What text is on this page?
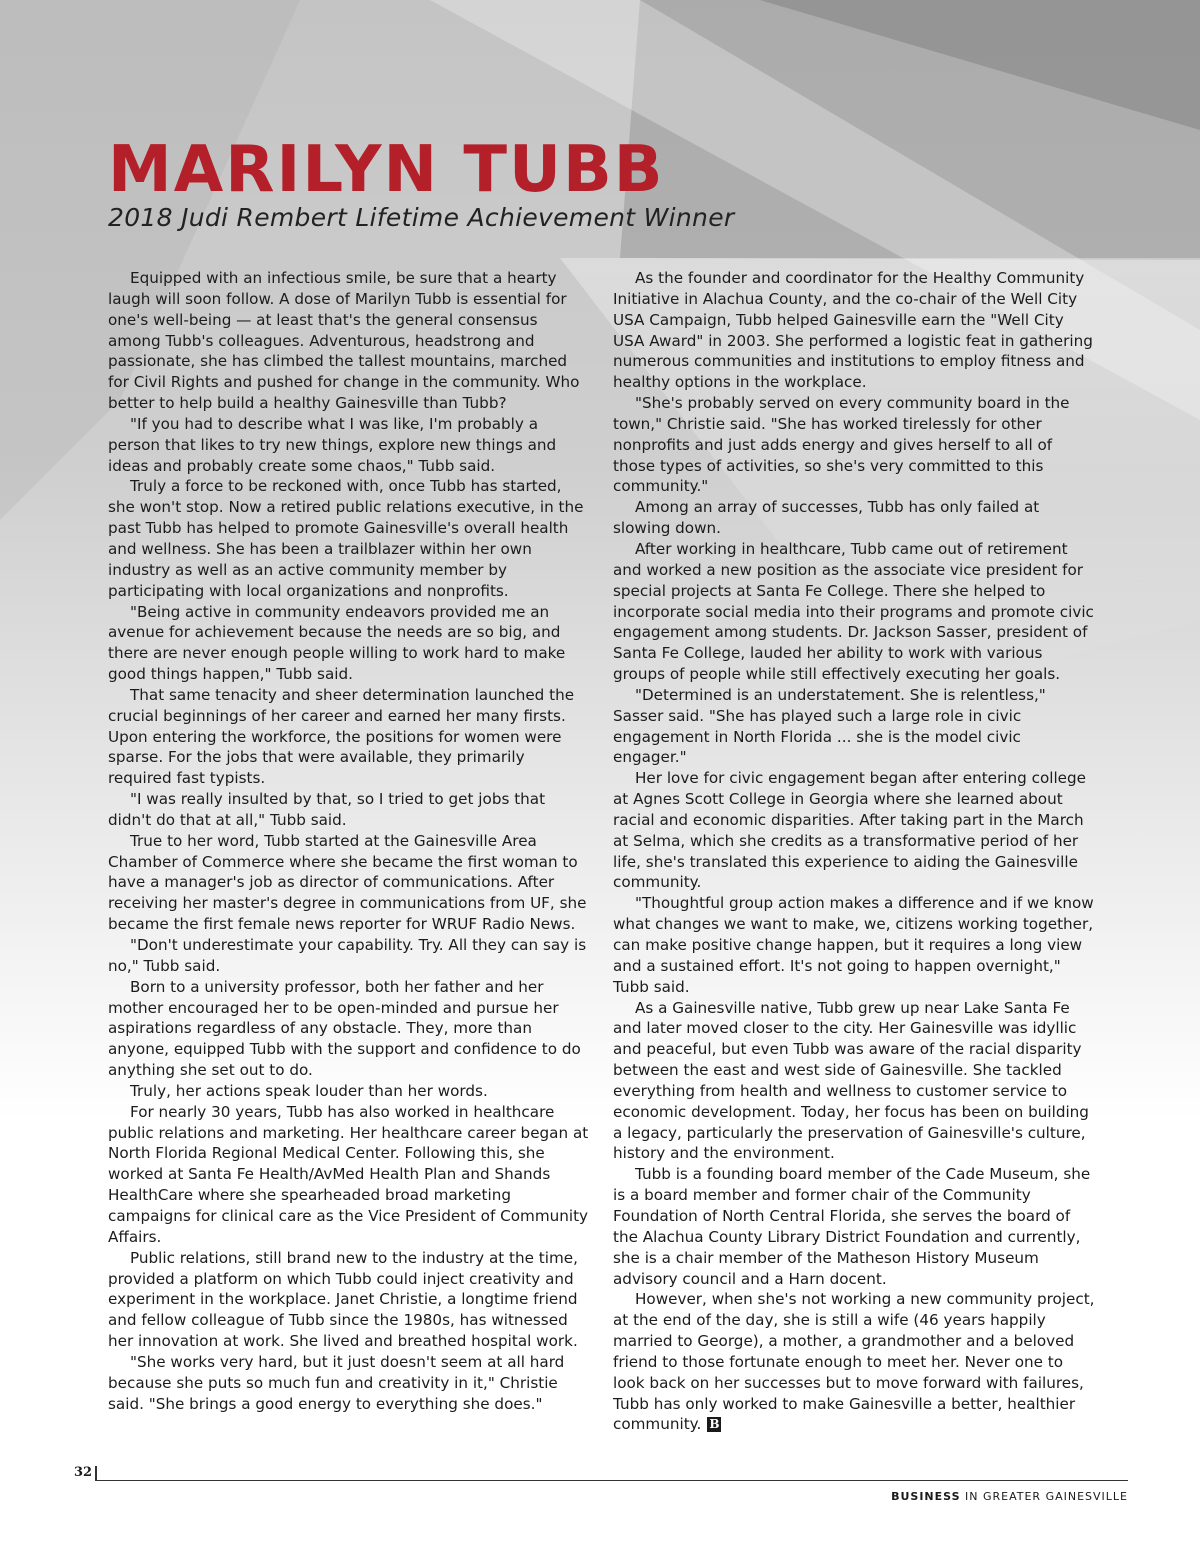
MARILYN TUBB
2018 Judi Rembert Lifetime Achievement Winner

Equipped with an infectious smile, be sure that a hearty laugh will soon follow. A dose of Marilyn Tubb is essential for one's well-being — at least that's the general consensus among Tubb's colleagues. Adventurous, headstrong and passionate, she has climbed the tallest mountains, marched for Civil Rights and pushed for change in the community. Who better to help build a healthy Gainesville than Tubb?

"If you had to describe what I was like, I'm probably a person that likes to try new things, explore new things and ideas and probably create some chaos," Tubb said.

Truly a force to be reckoned with, once Tubb has started, she won't stop. Now a retired public relations executive, in the past Tubb has helped to promote Gainesville's overall health and wellness. She has been a trailblazer within her own industry as well as an active community member by participating with local organizations and nonprofits.

"Being active in community endeavors provided me an avenue for achievement because the needs are so big, and there are never enough people willing to work hard to make good things happen," Tubb said.

That same tenacity and sheer determination launched the crucial beginnings of her career and earned her many firsts. Upon entering the workforce, the positions for women were sparse. For the jobs that were available, they primarily required fast typists.

"I was really insulted by that, so I tried to get jobs that didn't do that at all," Tubb said.

True to her word, Tubb started at the Gainesville Area Chamber of Commerce where she became the first woman to have a manager's job as director of communications. After receiving her master's degree in communications from UF, she became the first female news reporter for WRUF Radio News.

"Don't underestimate your capability. Try. All they can say is no," Tubb said.

Born to a university professor, both her father and her mother encouraged her to be open-minded and pursue her aspirations regardless of any obstacle. They, more than anyone, equipped Tubb with the support and confidence to do anything she set out to do.

Truly, her actions speak louder than her words.

For nearly 30 years, Tubb has also worked in healthcare public relations and marketing. Her healthcare career began at North Florida Regional Medical Center. Following this, she worked at Santa Fe Health/AvMed Health Plan and Shands HealthCare where she spearheaded broad marketing campaigns for clinical care as the Vice President of Community Affairs.

Public relations, still brand new to the industry at the time, provided a platform on which Tubb could inject creativity and experiment in the workplace. Janet Christie, a longtime friend and fellow colleague of Tubb since the 1980s, has witnessed her innovation at work. She lived and breathed hospital work.

"She works very hard, but it just doesn't seem at all hard because she puts so much fun and creativity in it," Christie said. "She brings a good energy to everything she does."

As the founder and coordinator for the Healthy Community Initiative in Alachua County, and the co-chair of the Well City USA Campaign, Tubb helped Gainesville earn the "Well City USA Award" in 2003. She performed a logistic feat in gathering numerous communities and institutions to employ fitness and healthy options in the workplace.

"She's probably served on every community board in the town," Christie said. "She has worked tirelessly for other nonprofits and just adds energy and gives herself to all of those types of activities, so she's very committed to this community."

Among an array of successes, Tubb has only failed at slowing down.

After working in healthcare, Tubb came out of retirement and worked a new position as the associate vice president for special projects at Santa Fe College. There she helped to incorporate social media into their programs and promote civic engagement among students. Dr. Jackson Sasser, president of Santa Fe College, lauded her ability to work with various groups of people while still effectively executing her goals.

"Determined is an understatement. She is relentless," Sasser said. "She has played such a large role in civic engagement in North Florida ... she is the model civic engager."

Her love for civic engagement began after entering college at Agnes Scott College in Georgia where she learned about racial and economic disparities. After taking part in the March at Selma, which she credits as a transformative period of her life, she's translated this experience to aiding the Gainesville community.

"Thoughtful group action makes a difference and if we know what changes we want to make, we, citizens working together, can make positive change happen, but it requires a long view and a sustained effort. It's not going to happen overnight," Tubb said.

As a Gainesville native, Tubb grew up near Lake Santa Fe and later moved closer to the city. Her Gainesville was idyllic and peaceful, but even Tubb was aware of the racial disparity between the east and west side of Gainesville. She tackled everything from health and wellness to customer service to economic development. Today, her focus has been on building a legacy, particularly the preservation of Gainesville's culture, history and the environment.

Tubb is a founding board member of the Cade Museum, she is a board member and former chair of the Community Foundation of North Central Florida, she serves the board of the Alachua County Library District Foundation and currently, she is a chair member of the Matheson History Museum advisory council and a Harn docent.

However, when she's not working a new community project, at the end of the day, she is still a wife (46 years happily married to George), a mother, a grandmother and a beloved friend to those fortunate enough to meet her. Never one to look back on her successes but to move forward with failures, Tubb has only worked to make Gainesville a better, healthier community. B

32
BUSINESS IN GREATER GAINESVILLE
